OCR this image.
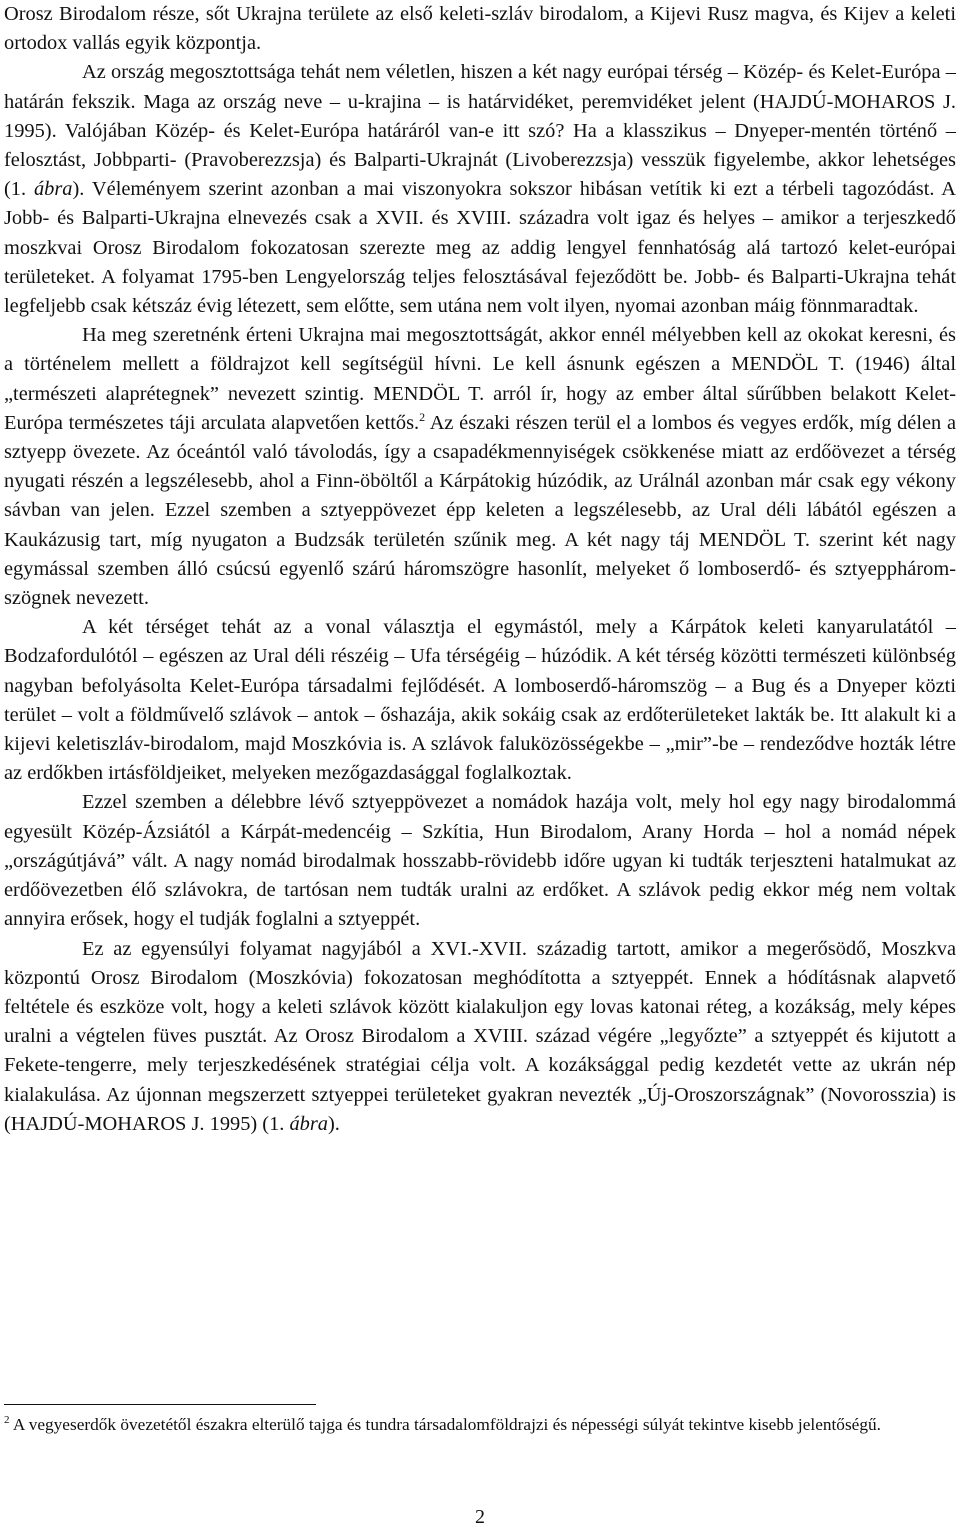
Orosz Birodalom része, sőt Ukrajna területe az első keleti-szláv birodalom, a Kijevi Rusz magva, és Kijev a keleti ortodox vallás egyik központja.

Az ország megosztottsága tehát nem véletlen, hiszen a két nagy európai térség – Közép- és Kelet-Európa – határán fekszik. Maga az ország neve – u-krajina – is határvidéket, peremvidéket jelent (HAJDÚ-MOHAROS J. 1995). Valójában Közép- és Kelet-Európa határáról van-e itt szó? Ha a klasszikus – Dnyeper-mentén történő – felosztást, Jobbparti- (Pravoberezzsja) és Balparti-Ukrajnát (Livoberezzsja) vesszük figyelembe, akkor lehetséges (1. ábra). Véleményem szerint azonban a mai viszonyokra sokszor hibásan vetítik ki ezt a térbeli tagozódást. A Jobb- és Balparti-Ukrajna elnevezés csak a XVII. és XVIII. századra volt igaz és helyes – amikor a terjeszkedő moszkvai Orosz Birodalom fokozatosan szerezte meg az addig lengyel fennhatóság alá tartozó kelet-európai területeket. A folyamat 1795-ben Lengyelország teljes felosztásával fejeződött be. Jobb- és Balparti-Ukrajna tehát legfeljebb csak kétszáz évig létezett, sem előtte, sem utána nem volt ilyen, nyomai azonban máig fönnmaradtak.

Ha meg szeretnénk érteni Ukrajna mai megosztottságát, akkor ennél mélyebben kell az okokat keresni, és a történelem mellett a földrajzot kell segítségül hívni. Le kell ásnunk egészen a MENDÖL T. (1946) által „természeti alaprétegnek” nevezett szintig. MENDÖL T. arról ír, hogy az ember által sűrűbben belakott Kelet-Európa természetes táji arculata alapvetően kettős.$^2$ Az északi részen terül el a lombos és vegyes erdők, míg délen a sztyepp övezete. Az óceántól való távolodás, így a csapadékmennyiségek csökkenése miatt az erdőövezet a térség nyugati részén a legszélesebb, ahol a Finn-öböltől a Kárpátokig húzódik, az Urálnál azonban már csak egy vékony sávban van jelen. Ezzel szemben a sztyeppövezet épp keleten a legszélesebb, az Ural déli lábától egészen a Kaukázusig tart, míg nyugaton a Budzsák területén szűnik meg. A két nagy táj MENDÖL T. szerint két nagy egymással szemben álló csúcsú egyenlő szárú háromszögre hasonlít, melyeket ő lomboserdő- és sztyeppháromszögnek nevezett.

A két térséget tehát az a vonal választja el egymástól, mely a Kárpátok keleti kanyarulatától – Bodzafordulótól – egészen az Ural déli részéig – Ufa térségéig – húzódik. A két térség közötti természeti különbség nagyban befolyásolta Kelet-Európa társadalmi fejlődését. A lomboserdő-háromszög – a Bug és a Dnyeper közti terület – volt a földművelő szlávok – antok – őshazája, akik sokáig csak az erdőterületeket lakták be. Itt alakult ki a kijevi keletiszláv-birodalom, majd Moszkóvia is. A szlávok faluközösségekbe – „mir”-be – rendeződve hozták létre az erdőkben irtásföldjeiket, melyeken mezőgazdasággal foglalkoztak.

Ezzel szemben a délebbre lévő sztyeppövezet a nomádok hazája volt, mely hol egy nagy birodalommá egyesült Közép-Ázsiától a Kárpát-medencéig – Szkítia, Hun Birodalom, Arany Horda – hol a nomád népek „országútjává” vált. A nagy nomád birodalmak hosszabb-rövidebb időre ugyan ki tudták terjeszteni hatalmukat az erdőövezetben élő szlávokra, de tartósan nem tudták uralni az erdőket. A szlávok pedig ekkor még nem voltak annyira erősek, hogy el tudják foglalni a sztyeppét.

Ez az egyensúlyi folyamat nagyjából a XVI.-XVII. századig tartott, amikor a megerősödő, Moszkva központú Orosz Birodalom (Moszkóvia) fokozatosan meghódította a sztyeppét. Ennek a hódításnak alapvető feltétele és eszköze volt, hogy a keleti szlávok között kialakuljon egy lovas katonai réteg, a kozákság, mely képes uralni a végtelen füves pusztát. Az Orosz Birodalom a XVIII. század végére „legyőzte” a sztyeppét és kijutott a Fekete-tengerre, mely terjeszkedésének stratégiai célja volt. A kozáksággal pedig kezdetét vette az ukrán nép kialakulása. Az újonnan megszerzett sztyeppei területeket gyakran nevezték „Új-Oroszországnak” (Novorosszia) is (HAJDÚ-MOHAROS J. 1995) (1. ábra).

$^2$ A vegyeserdők övezetétől északra elterülő tajga és tundra társadalomföldrajzi és népességi súlyát tekintve kisebb jelentőségű.

2
